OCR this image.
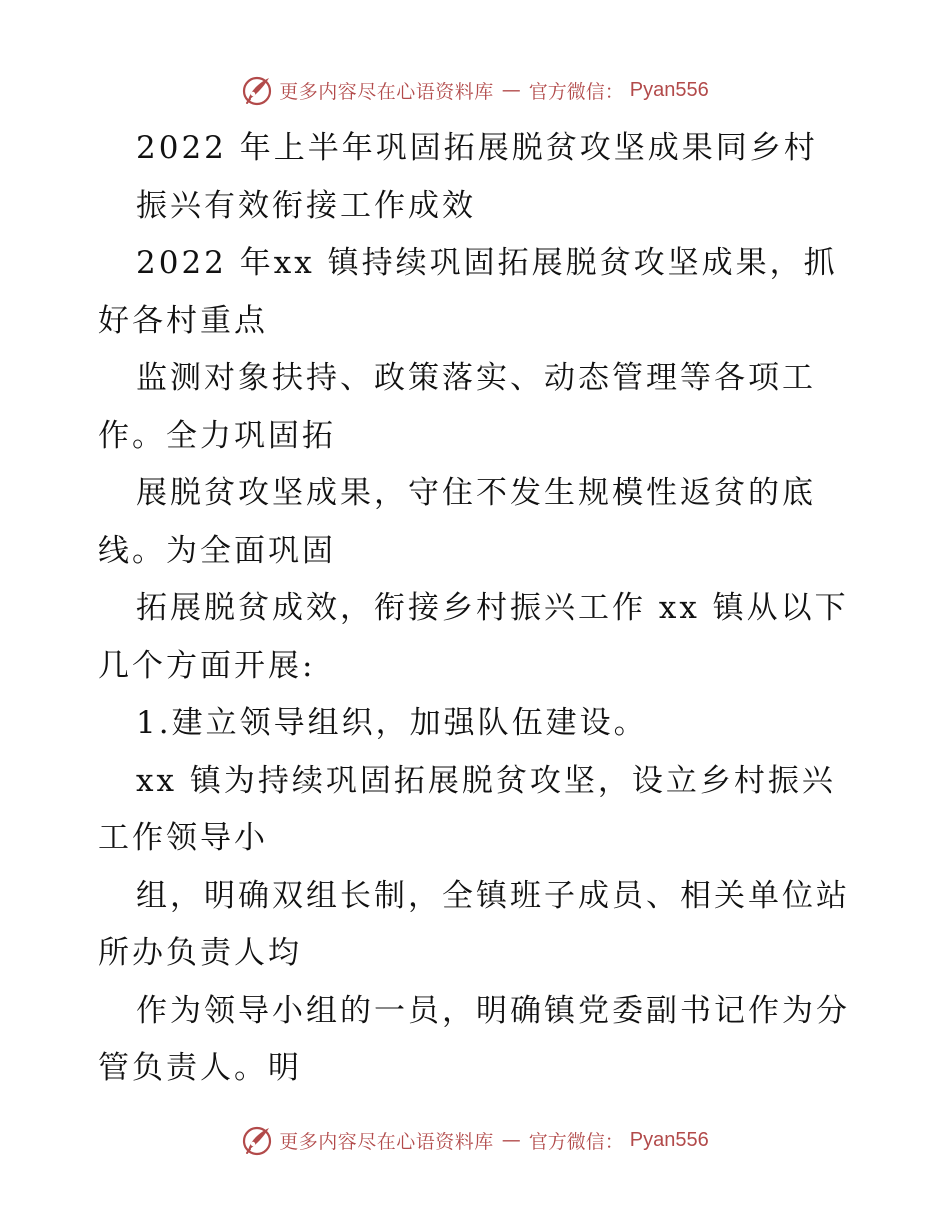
更多内容尽在心语资料库 — 官方微信： Pyan556
2022 年上半年巩固拓展脱贫攻坚成果同乡村
振兴有效衔接工作成效
2022 年xx 镇持续巩固拓展脱贫攻坚成果，抓
好各村重点
监测对象扶持、政策落实、动态管理等各项工
作。全力巩固拓
展脱贫攻坚成果，守住不发生规模性返贫的底
线。为全面巩固
拓展脱贫成效，衔接乡村振兴工作 xx 镇从以下
几个方面开展:
1.建立领导组织，加强队伍建设。
xx 镇为持续巩固拓展脱贫攻坚，设立乡村振兴
工作领导小
组，明确双组长制，全镇班子成员、相关单位站
所办负责人均
作为领导小组的一员，明确镇党委副书记作为分
管负责人。明
更多内容尽在心语资料库 — 官方微信： Pyan556
